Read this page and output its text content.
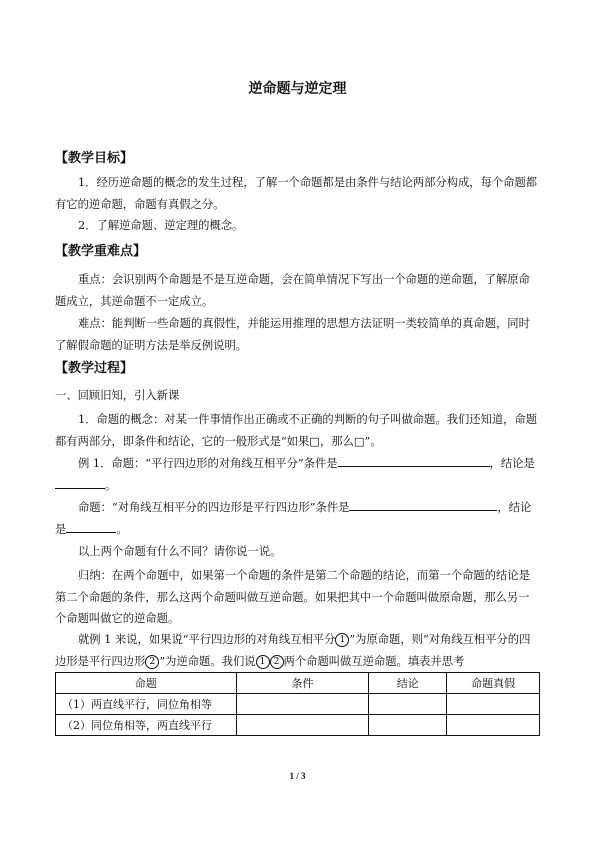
逆命题与逆定理
【教学目标】
1．经历逆命题的概念的发生过程，了解一个命题都是由条件与结论两部分构成，每个命题都有它的逆命题，命题有真假之分。
2．了解逆命题、逆定理的概念。
【教学重难点】
重点：会识别两个命题是不是互逆命题，会在简单情况下写出一个命题的逆命题，了解原命题成立，其逆命题不一定成立。
难点：能判断一些命题的真假性，并能运用推理的思想方法证明一类较简单的真命题，同时了解假命题的证明方法是举反例说明。
【教学过程】
一、回顾旧知，引入新课
1．命题的概念：对某一件事情作出正确或不正确的判断的句子叫做命题。我们还知道，命题都有两部分，即条件和结论，它的一般形式是“如果□，那么□”。
例 1．命题：“平行四边形的对角线互相平分”条件是	，结论是。
命题：“对角线互相平分的四边形是平行四边形”条件是	，结论是	。
以上两个命题有什么不同？请你说一说。
归纳：在两个命题中，如果第一个命题的条件是第二个命题的结论，而第一个命题的结论是第二个命题的条件，那么这两个命题叫做互逆命题。如果把其中一个命题叫做原命题，那么另一个命题叫做它的逆命题。
就例 1 来说，如果说“平行四边形的对角线互相平分 1 ”为原命题，则“对角线互相平分的四边形是平行四边形 2 ”为逆命题。我们说 1 2 两个命题叫做互逆命题。填表并思考
命题	条件	结论	命题真假
（1）两直线平行，同位角相等			
（2）同位角相等，两直线平行			
1 / 3
